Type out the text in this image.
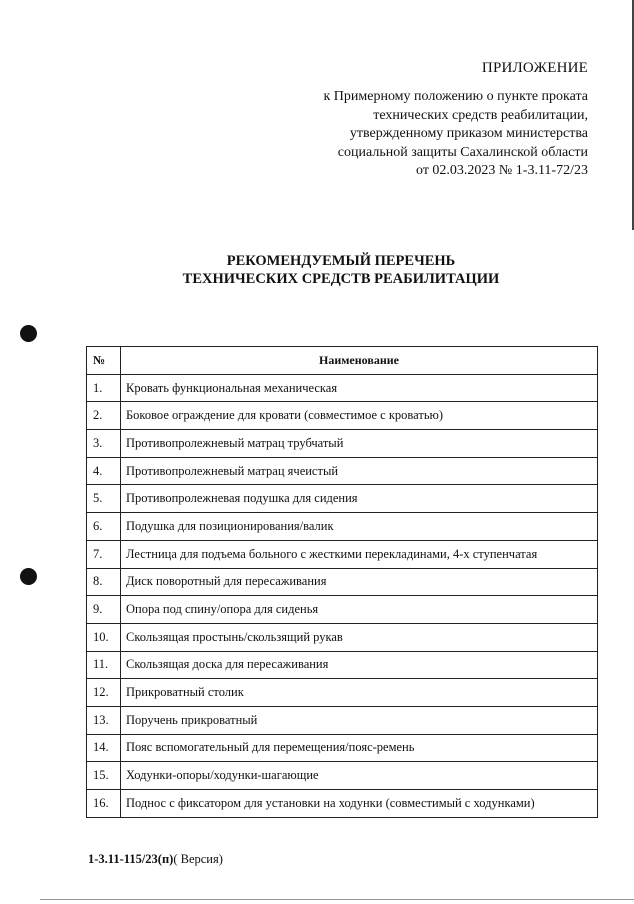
ПРИЛОЖЕНИЕ
к Примерному положению о пункте проката
технических средств реабилитации,
утвержденному приказом министерства
социальной защиты Сахалинской области
от 02.03.2023 № 1-3.11-72/23
РЕКОМЕНДУЕМЫЙ ПЕРЕЧЕНЬ
ТЕХНИЧЕСКИХ СРЕДСТВ РЕАБИЛИТАЦИИ
№	Наименование
1.	Кровать функциональная механическая
2.	Боковое ограждение для кровати (совместимое с кроватью)
3.	Противопролежневый матрац трубчатый
4.	Противопролежневый матрац ячеистый
5.	Противопролежневая подушка для сидения
6.	Подушка для позиционирования/валик
7.	Лестница для подъема больного с жесткими перекладинами, 4-х ступенчатая
8.	Диск поворотный для пересаживания
9.	Опора под спину/опора для сиденья
10.	Скользящая простынь/скользящий рукав
11.	Скользящая доска для пересаживания
12.	Прикроватный столик
13.	Поручень прикроватный
14.	Пояс вспомогательный для перемещения/пояс-ремень
15.	Ходунки-опоры/ходунки-шагающие
16.	Поднос с фиксатором для установки на ходунки (совместимый с ходунками)
1-3.11-115/23(п)( Версия)
